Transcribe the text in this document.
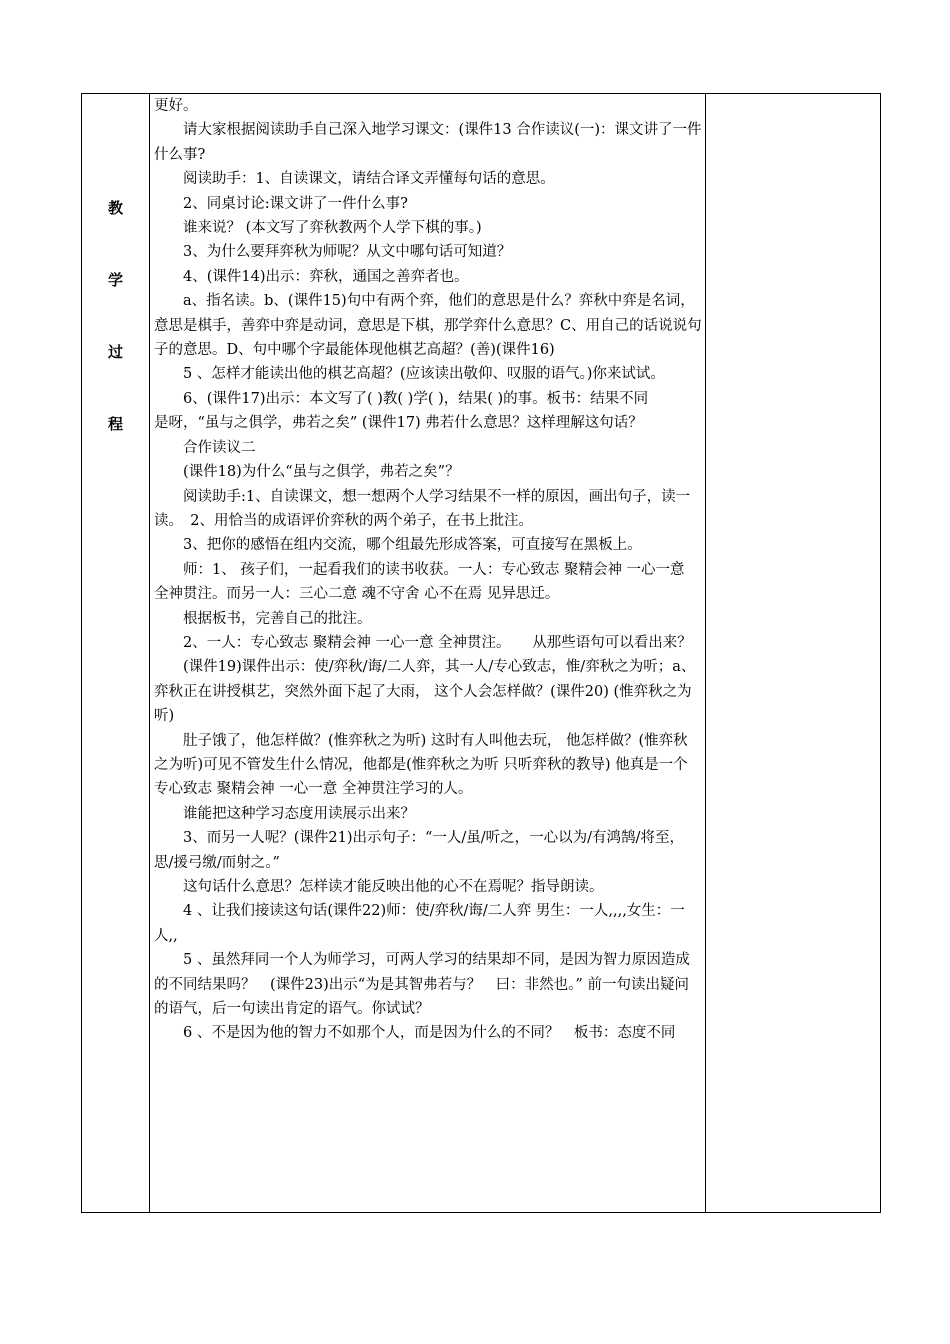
教
学
过
程

更好。

请大家根据阅读助手自己深入地学习课文：(课件13 合作读议(一)：课文讲了一件什么事?

阅读助手：1、自读课文，请结合译文弄懂每句话的意思。

2、同桌讨论:课文讲了一件什么事?

谁来说？ (本文写了弈秋教两个人学下棋的事。)

3、为什么要拜弈秋为师呢？从文中哪句话可知道？

4、(课件14)出示：弈秋，通国之善弈者也。

a、指名读。b、(课件15)句中有两个弈，他们的意思是什么？弈秋中弈是名词，意思是棋手，善弈中弈是动词，意思是下棋，那学弈什么意思？C、用自己的话说说句子的意思。D、句中哪个字最能体现他棋艺高超？(善)(课件16)

5 、怎样才能读出他的棋艺高超？(应该读出敬仰、叹服的语气。)你来试试。

6、(课件17)出示：本文写了( )教( )学( )，结果( )的事。板书：结果不同　　　是呀，“虽与之俱学，弗若之矣” (课件17) 弗若什么意思？这样理解这句话？

合作读议二

(课件18)为什么“虽与之俱学，弗若之矣”？

阅读助手:1、自读课文，想一想两个人学习结果不一样的原因，画出句子，读一读。　2、用恰当的成语评价弈秋的两个弟子，在书上批注。

3、把你的感悟在组内交流，哪个组最先形成答案，可直接写在黑板上。

师：1、 孩子们，一起看我们的读书收获。一人：专心致志 聚精会神 一心一意 全神贯注。而另一人：三心二意 魂不守舍 心不在焉 见异思迁。

根据板书，完善自己的批注。

2、一人：专心致志 聚精会神 一心一意 全神贯注。　　从那些语句可以看出来？

(课件19)课件出示：使/弈秋/诲/二人弈，其一人/专心致志，惟/弈秋之为听；a、弈秋正在讲授棋艺，突然外面下起了大雨， 这个人会怎样做？(课件20) (惟弈秋之为听)

肚子饿了，他怎样做？(惟弈秋之为听) 这时有人叫他去玩， 他怎样做？(惟弈秋之为听)可见不管发生什么情况，他都是(惟弈秋之为听 只听弈秋的教导) 他真是一个专心致志 聚精会神 一心一意 全神贯注学习的人。

谁能把这种学习态度用读展示出来？

3、而另一人呢？(课件21)出示句子：“一人/虽/听之，一心以为/有鸿鹄/将至，思/援弓缴/而射之。”

这句话什么意思？怎样读才能反映出他的心不在焉呢？指导朗读。

4 、让我们接读这句话(课件22)师：使/弈秋/诲/二人弈 男生：一人,,,,女生：一人,,

5 、虽然拜同一个人为师学习，可两人学习的结果却不同，是因为智力原因造成的不同结果吗？　(课件23)出示“为是其智弗若与？　曰：非然也。” 前一句读出疑问的语气，后一句读出肯定的语气。你试试？

6 、不是因为他的智力不如那个人，而是因为什么的不同？　板书：态度不同
